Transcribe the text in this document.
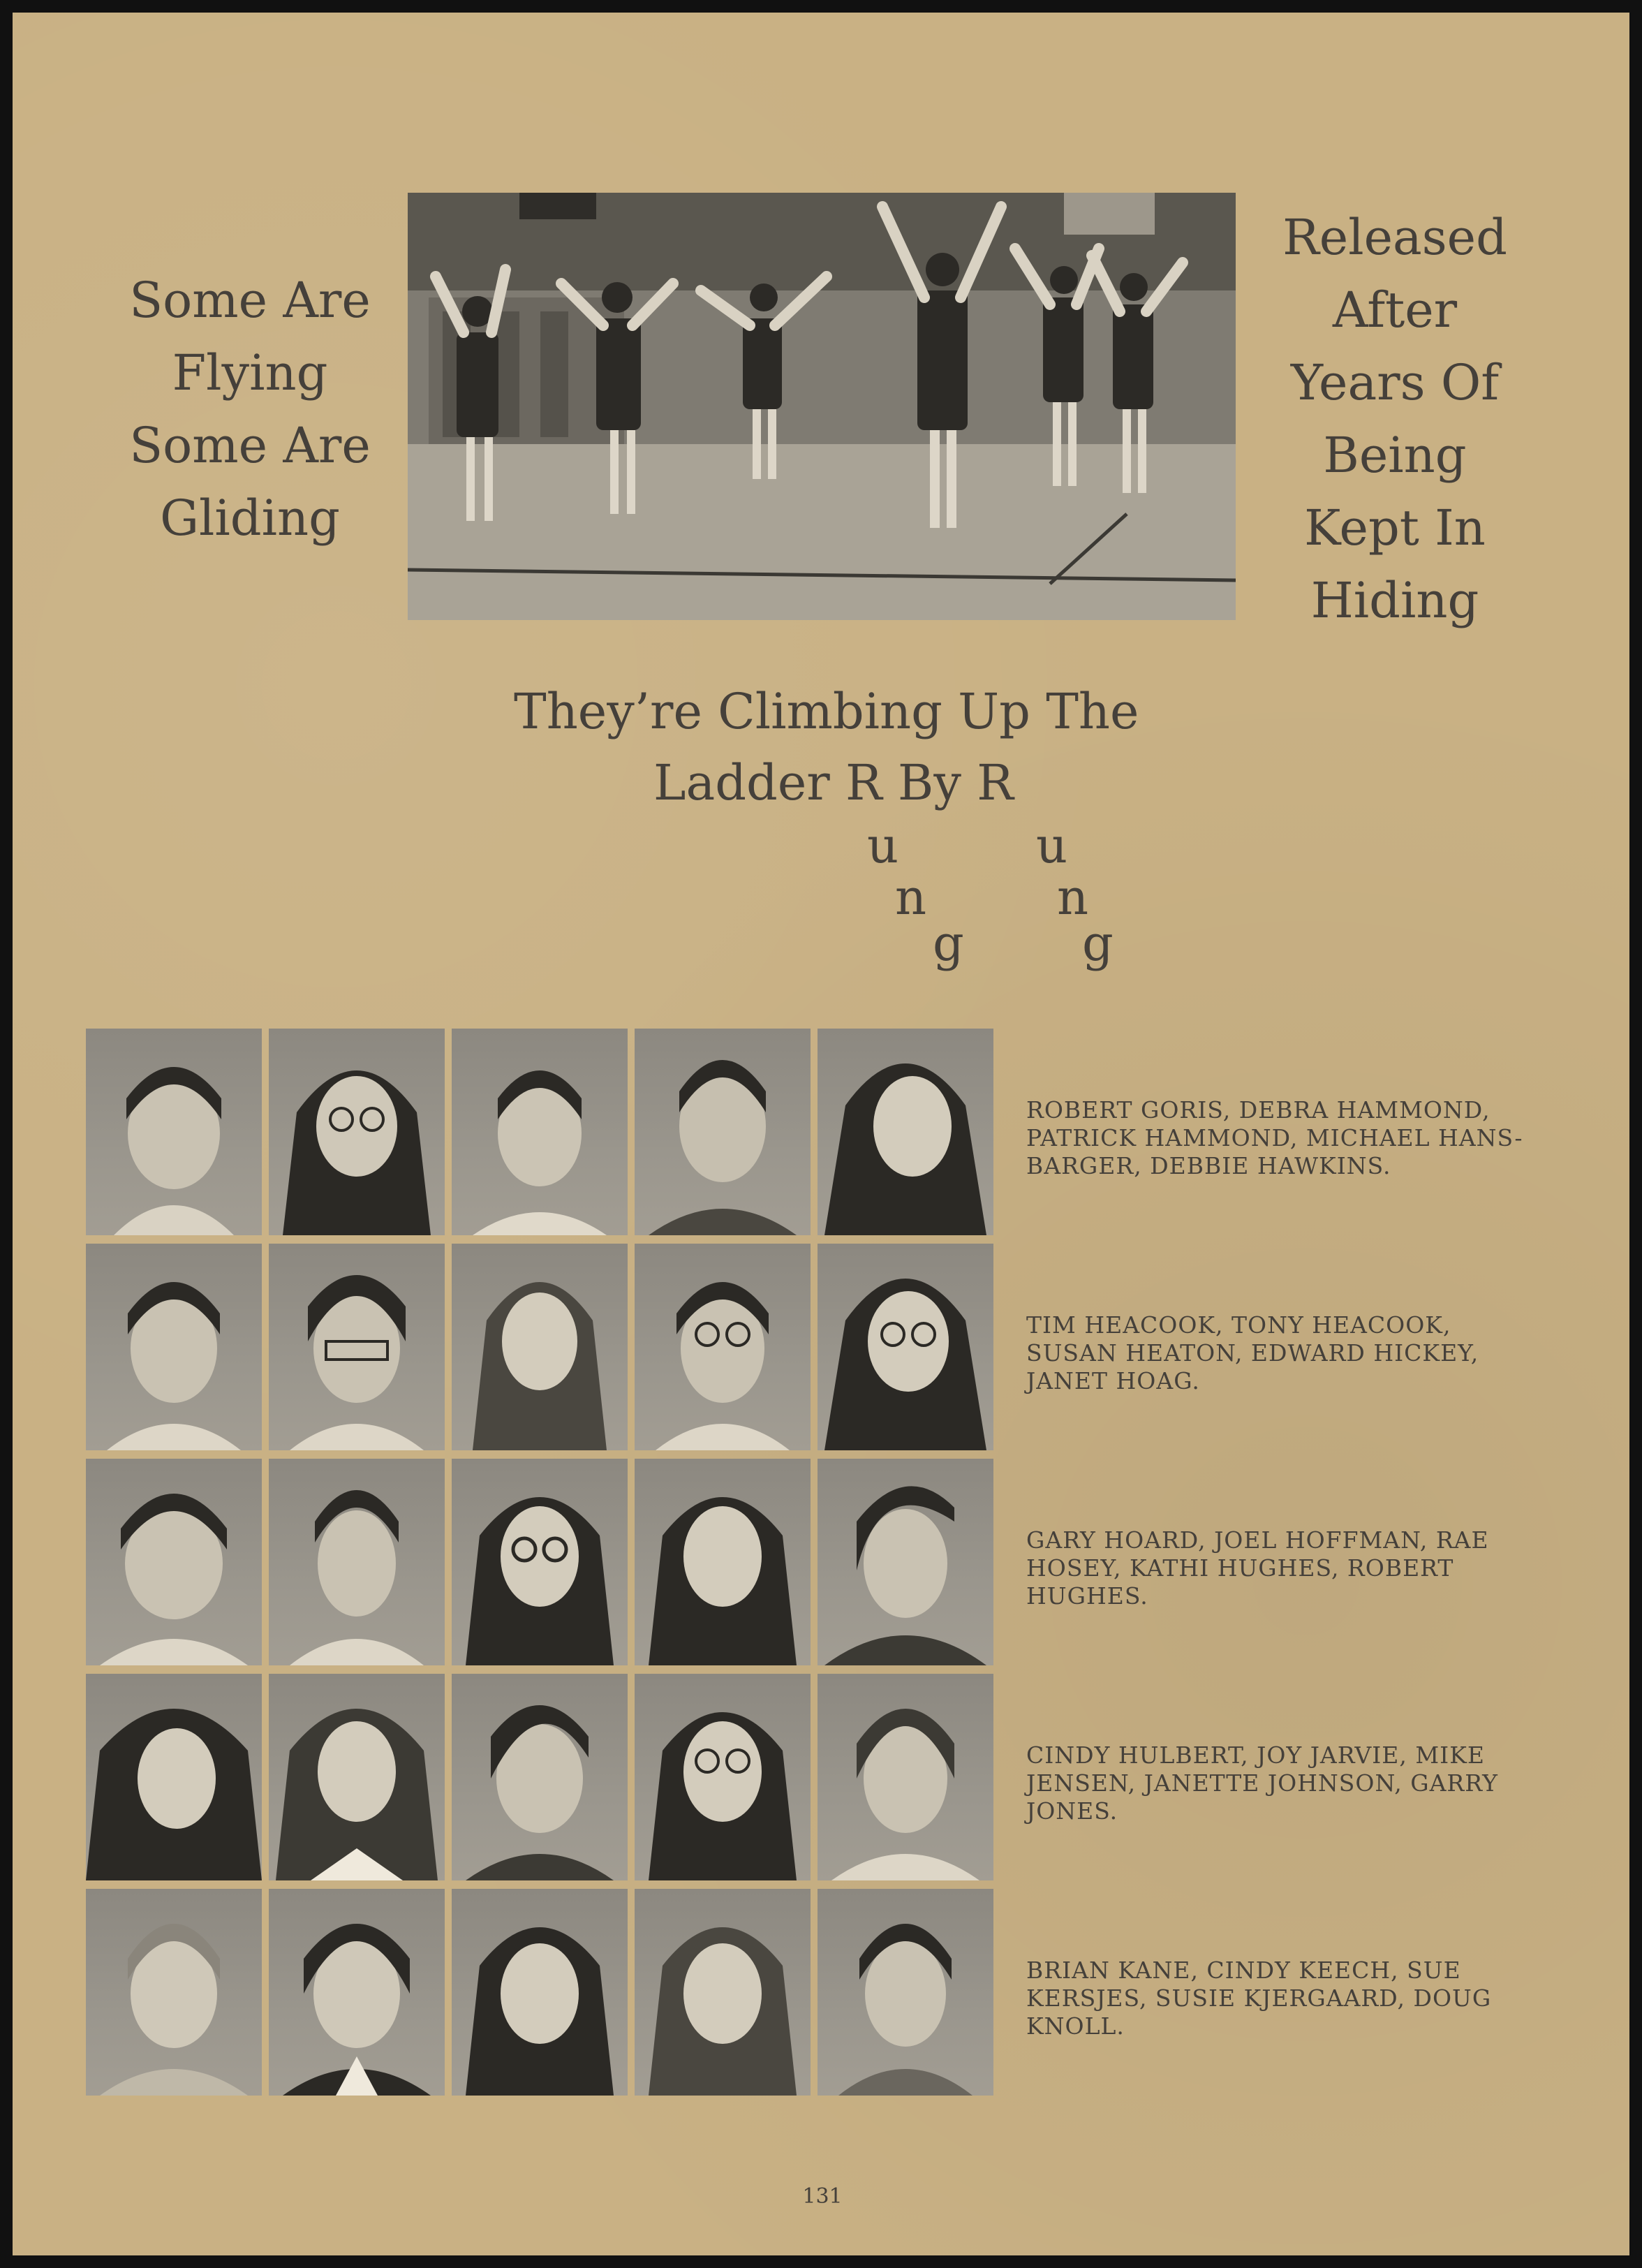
Some Are
Flying
Some Are
Gliding
Released
After
Years Of
Being
Kept In
Hiding
They’re Climbing Up The
Ladder R By R
u
n
g
u
n
g
ROBERT GORIS, DEBRA HAMMOND,
PATRICK HAMMOND, MICHAEL HANS-
BARGER, DEBBIE HAWKINS.
TIM HEACOOK, TONY HEACOOK,
SUSAN HEATON, EDWARD HICKEY,
JANET HOAG.
GARY HOARD, JOEL HOFFMAN, RAE
HOSEY, KATHI HUGHES, ROBERT
HUGHES.
CINDY HULBERT, JOY JARVIE, MIKE
JENSEN, JANETTE JOHNSON, GARRY
JONES.
BRIAN KANE, CINDY KEECH, SUE
KERSJES, SUSIE KJERGAARD, DOUG
KNOLL.
131
